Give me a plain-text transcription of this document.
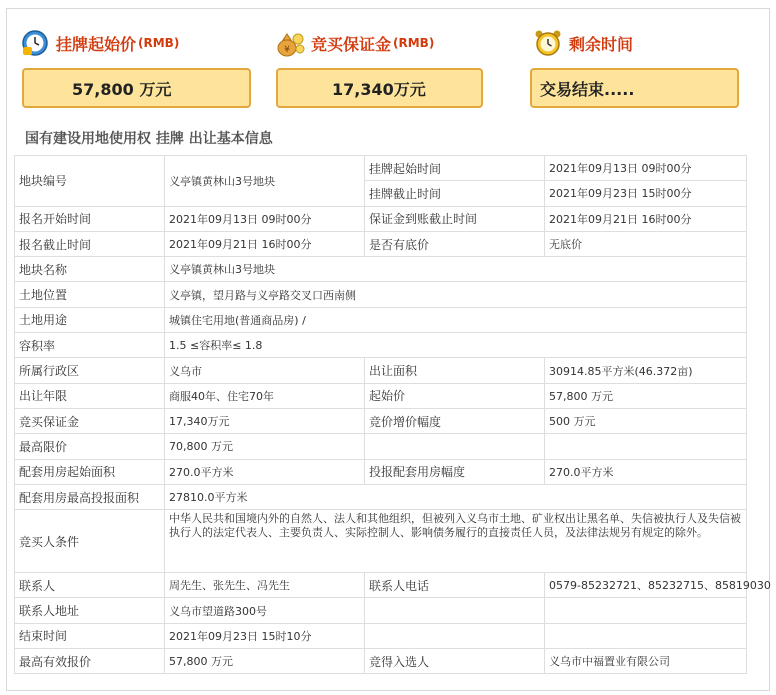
挂牌起始价 (RMB)	¥ 竞买保证金 (RMB)	剩余时间
57,800 万元	17,340万元	交易结束.....
国有建设用地使用权 挂牌 出让基本信息
地块编号	义亭镇黄林山3号地块	挂牌起始时间	2021年09月13日 09时00分
		挂牌截止时间	2021年09月23日 15时00分
报名开始时间	2021年09月13日 09时00分	保证金到账截止时间	2021年09月21日 16时00分
报名截止时间	2021年09月21日 16时00分	是否有底价	无底价
地块名称	义亭镇黄林山3号地块		
土地位置	义亭镇，望月路与义亭路交叉口西南侧		
土地用途	城镇住宅用地(普通商品房) /		
容积率	1.5 ≤容积率≤ 1.8		
所属行政区	义乌市	出让面积	30914.85平方米(46.372亩)
出让年限	商服40年、住宅70年	起始价	57,800 万元
竞买保证金	17,340万元	竞价增价幅度	500 万元
最高限价	70,800 万元		
配套用房起始面积	270.0平方米	投报配套用房幅度	270.0平方米
配套用房最高投报面积	27810.0平方米		
竞买人条件	中华人民共和国境内外的自然人、法人和其他组织，但被列入义乌市土地、矿业权出让黑名单、失信被执行人及失信被执行人的法定代表人、主要负责人、实际控制人、影响债务履行的直接责任人员，及法律法规另有规定的除外。		
联系人	周先生、张先生、冯先生	联系人电话	0579-85232721、85232715、85819030
联系人地址	义乌市望道路300号		
结束时间	2021年09月23日 15时10分		
最高有效报价	57,800 万元	竞得入选人	义乌市中福置业有限公司
